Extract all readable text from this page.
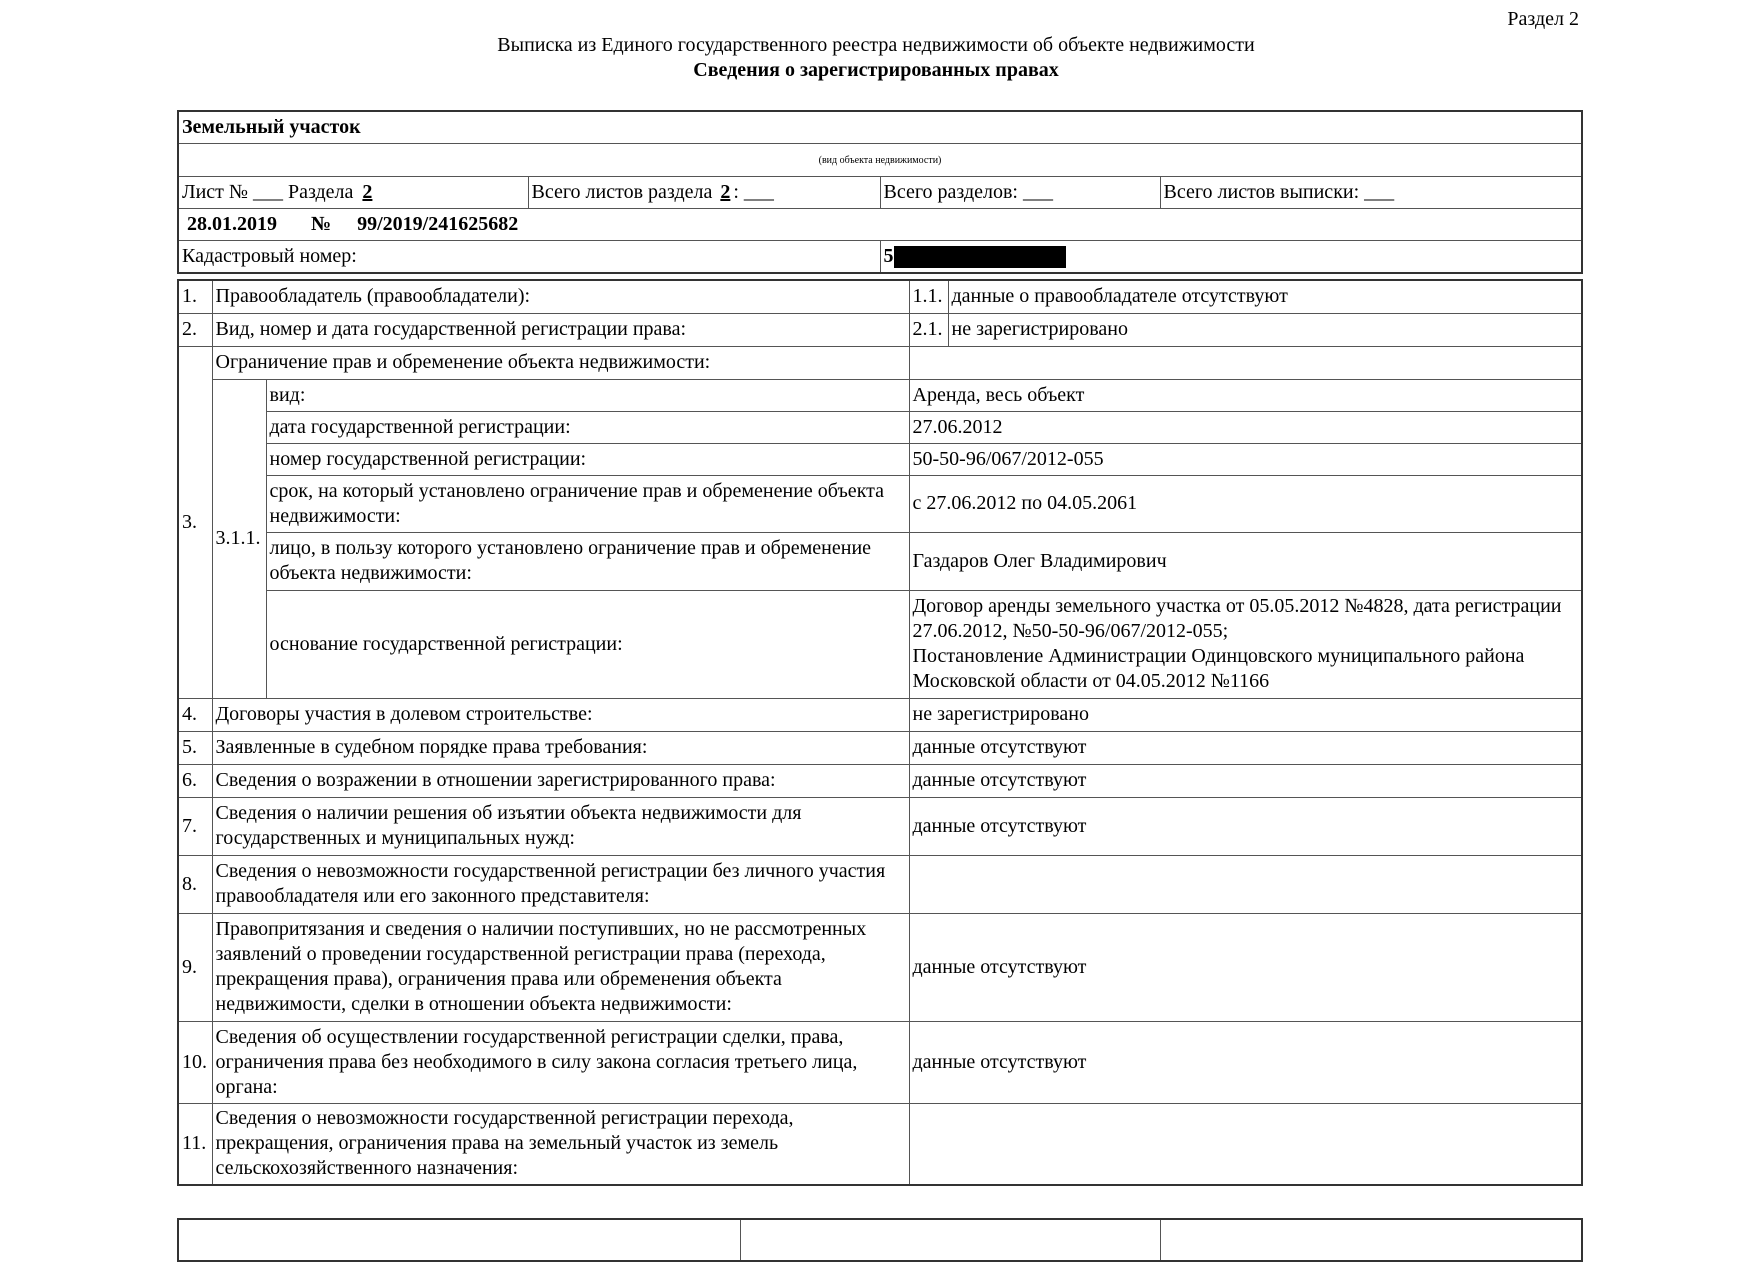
Раздел 2
Выписка из Единого государственного реестра недвижимости об объекте недвижимости
Сведения о зарегистрированных правах
Земельный участок			
(вид объекта недвижимости)			
Лист № ___ Раздела 2	Всего листов раздела 2 : ___	Всего разделов: ___	Всего листов выписки: ___
28.01.2019 № 99/2019/241625682			
Кадастровый номер:		5	
1.	Правообладатель (правообладатели):		1.1.	данные о правообладателе отсутствуют
2.	Вид, номер и дата государственной регистрации права:		2.1.	не зарегистрировано
3.	Ограничение прав и обременение объекта недвижимости:			
	3.1.1.	вид:	Аренда, весь объект	
		дата государственной регистрации:	27.06.2012	
		номер государственной регистрации:	50-50-96/067/2012-055	
		срок, на который установлено ограничение прав и обременение объекта недвижимости:	с 27.06.2012 по 04.05.2061	
		лицо, в пользу которого установлено ограничение прав и обременение объекта недвижимости:	Газдаров Олег Владимирович	
		основание государственной регистрации:	Договор аренды земельного участка от 05.05.2012 №4828, дата регистрации 27.06.2012, №50-50-96/067/2012-055;
Постановление Администрации Одинцовского муниципального района Московской области от 04.05.2012 №1166	

4.	Договоры участия в долевом строительстве:		не зарегистрировано	
5.	Заявленные в судебном порядке права требования:		данные отсутствуют	
6.	Сведения о возражении в отношении зарегистрированного права:		данные отсутствуют	
7.	Сведения о наличии решения об изъятии объекта недвижимости для государственных и муниципальных нужд:		данные отсутствуют	
8.	Сведения о невозможности государственной регистрации без личного участия правообладателя или его законного представителя:			
9.	Правопритязания и сведения о наличии поступивших, но не рассмотренных заявлений о проведении государственной регистрации права (перехода, прекращения права), ограничения права или обременения объекта недвижимости, сделки в отношении объекта недвижимости:		данные отсутствуют	
10.	Сведения об осуществлении государственной регистрации сделки, права, ограничения права без необходимого в силу закона согласия третьего лица, органа:		данные отсутствуют	
11.	Сведения о невозможности государственной регистрации перехода, прекращения, ограничения права на земельный участок из земель сельскохозяйственного назначения:			
